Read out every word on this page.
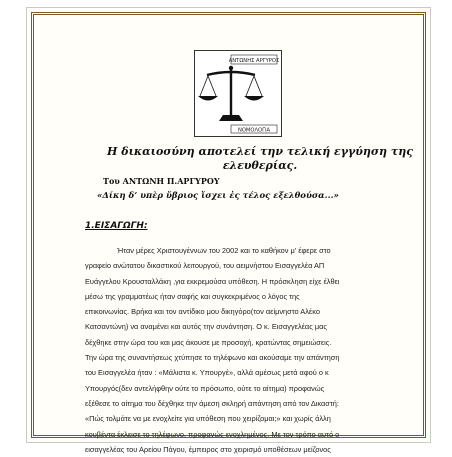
ΑΝΤΩΝΗΣ ΑΡΓΥΡΟΣ
ΝΟΜΟΛΟΓΙΑ
Η δικαιοσύνη αποτελεί την τελική εγγύηση της ελευθερίας.
Του ΑΝΤΩΝΗ Π.ΑΡΓΥΡΟΥ
«Δίκη δ’ υπὲρ ὕβριος ἴσχει ἐς τέλος εξελθούσα...»
1.ΕΙΣΑΓΩΓΗ:
Ήταν μέρες Χριστουγέννων του 2002 και το καθήκον μ’ έφερε στο
γραφείο ανώτατου δικαστικού λειτουργού, του αειμνήστου Εισαγγελέα ΑΠ
Ευάγγελου Κρουσταλλάκη ,για εκκρεμούσα υπόθεση. Η πρόσκληση είχε έλθει
μέσω της γραμματέως ήταν σαφής και συγκεκριμένος ο λόγος της
επικοινωνίας. Βρήκα και τον αντίδικο μου δικηγόρο(τον αείμνηστο Αλέκο
Κατσαντώνη) να αναμένει και αυτός την συνάντηση. Ο κ. Εισαγγελέας μας
δέχθηκε στην ώρα του και μας άκουσε με προσοχή, κρατώντας σημειώσεις.
Την ώρα της συναντήσεως χτύπησε το τηλέφωνο και ακούσαμε την απάντηση
του Εισαγγελέα ήταν : «Μάλιστα κ. Υπουργέ», αλλά αμέσως μετά αφού ο κ
Υπουργός(δεν αντελήφθην ούτε το πρόσωπο, ούτε το αίτημα) προφανώς
εξέθεσε το αίτημα του δέχθηκε την άμεση σκληρή απάντηση από τον Δικαστή:
«Πώς τολμάτε να με ενοχλείτε για υπόθεση που χειρίζομαι;» και χωρίς άλλη
κουβέντα έκλεισε το τηλέφωνο, προφανώς ενοχλημένος. Με τον τρόπο αυτό ο
εισαγγελέας του Αρείου Πάγου, έμπειρος στο χειρισμό υποθέσεων μείζονος
